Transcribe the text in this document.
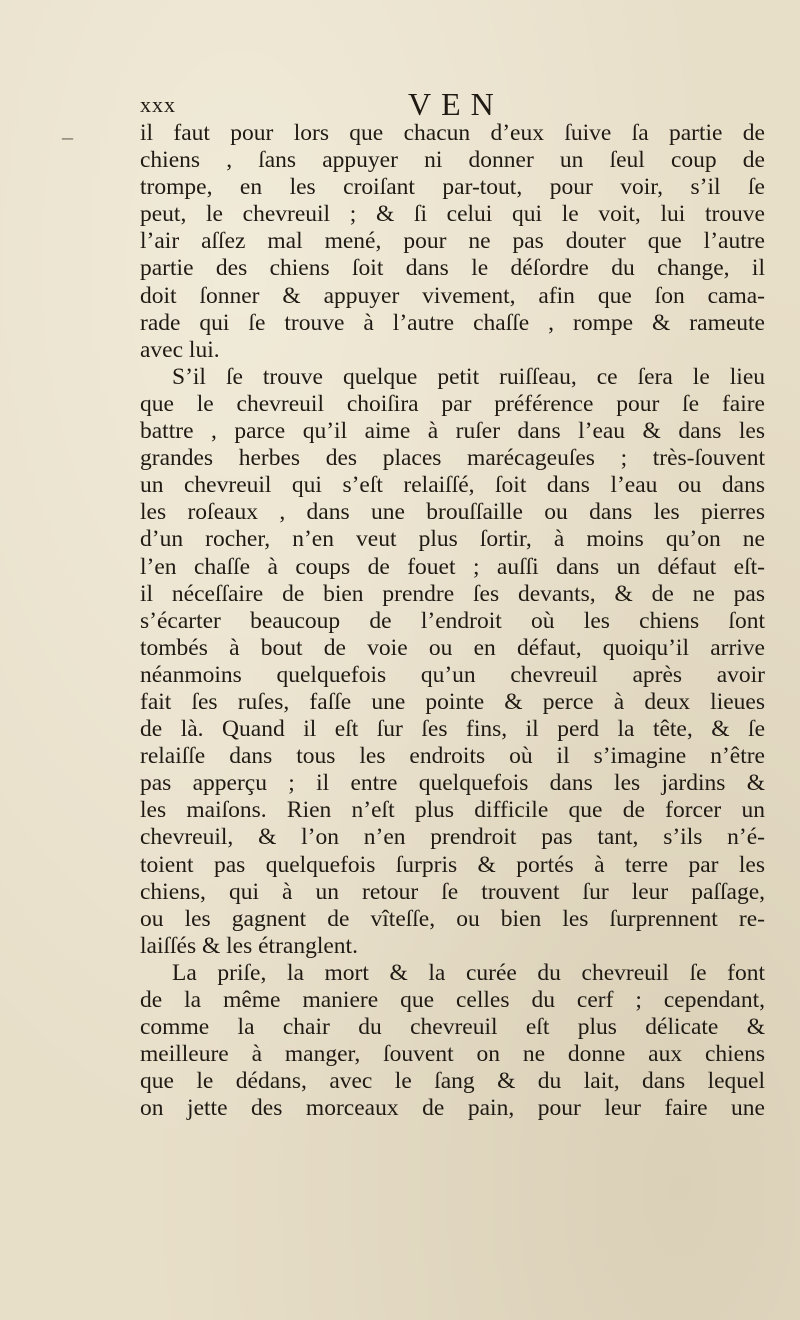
–
xxx	VEN
il faut pour lors que chacun d’eux ſuive ſa partie de
chiens , ſans appuyer ni donner un ſeul coup de
trompe, en les croiſant par-tout, pour voir, s’il ſe
peut, le chevreuil ; & ſi celui qui le voit, lui trouve
l’air aſſez mal mené, pour ne pas douter que l’autre
partie des chiens ſoit dans le déſordre du change, il
doit ſonner & appuyer vivement, afin que ſon cama-
rade qui ſe trouve à l’autre chaſſe , rompe & rameute
avec lui.
S’il ſe trouve quelque petit ruiſſeau, ce ſera le lieu
que le chevreuil choiſira par préférence pour ſe faire
battre , parce qu’il aime à ruſer dans l’eau & dans les
grandes herbes des places marécageuſes ; très-ſouvent
un chevreuil qui s’eſt relaiſſé, ſoit dans l’eau ou dans
les roſeaux , dans une brouſſaille ou dans les pierres
d’un rocher, n’en veut plus ſortir, à moins qu’on ne
l’en chaſſe à coups de fouet ; auſſi dans un défaut eſt-
il néceſſaire de bien prendre ſes devants, & de ne pas
s’écarter beaucoup de l’endroit où les chiens ſont
tombés à bout de voie ou en défaut, quoiqu’il arrive
néanmoins quelquefois qu’un chevreuil après avoir
fait ſes ruſes, faſſe une pointe & perce à deux lieues
de là. Quand il eſt ſur ſes fins, il perd la tête, & ſe
relaiſſe dans tous les endroits où il s’imagine n’être
pas apperçu ; il entre quelquefois dans les jardins &
les maiſons. Rien n’eſt plus difficile que de forcer un
chevreuil, & l’on n’en prendroit pas tant, s’ils n’é-
toient pas quelquefois ſurpris & portés à terre par les
chiens, qui à un retour ſe trouvent ſur leur paſſage,
ou les gagnent de vîteſſe, ou bien les ſurprennent re-
laiſſés & les étranglent.
La priſe, la mort & la curée du chevreuil ſe font
de la même maniere que celles du cerf ; cependant,
comme la chair du chevreuil eſt plus délicate &
meilleure à manger, ſouvent on ne donne aux chiens
que le dédans, avec le ſang & du lait, dans lequel
on jette des morceaux de pain, pour leur faire une
